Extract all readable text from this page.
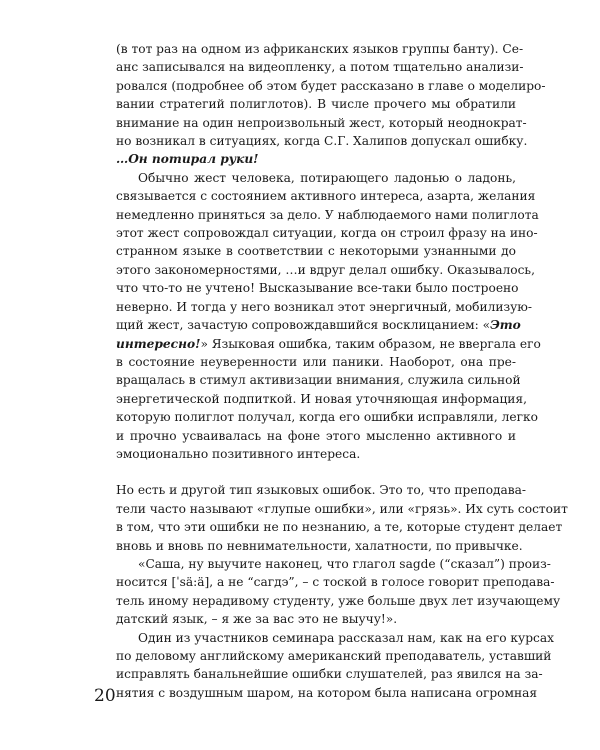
(в тот раз на одном из африканских языков группы банту). Се-
анс записывался на видеопленку, а потом тщательно анализи-
ровался (подробнее об этом будет рассказано в главе о моделиро-
вании стратегий полиглотов). В числе прочего мы обратили
внимание на один непроизвольный жест, который неоднократ-
но возникал в ситуациях, когда С.Г. Халипов допускал ошибку.
…Он потирал руки!
Обычно жест человека, потирающего ладонью о ладонь,
связывается с состоянием активного интереса, азарта, желания
немедленно приняться за дело. У наблюдаемого нами полиглота
этот жест сопровождал ситуации, когда он строил фразу на ино-
странном языке в соответствии с некоторыми узнанными до
этого закономерностями, …и вдруг делал ошибку. Оказывалось,
что что-то не учтено! Высказывание все-таки было построено
неверно. И тогда у него возникал этот энергичный, мобилизую-
щий жест, зачастую сопровождавшийся восклицанием: «Это
интересно!» Языковая ошибка, таким образом, не ввергала его
в состояние неуверенности или паники. Наоборот, она пре-
вращалась в стимул активизации внимания, служила сильной
энергетической подпиткой. И новая уточняющая информация,
которую полиглот получал, когда его ошибки исправляли, легко
и прочно усваивалась на фоне этого мысленно активного и
эмоционально позитивного интереса.
Но есть и другой тип языковых ошибок. Это то, что преподава-
тели часто называют «глупые ошибки», или «грязь». Их суть состоит
в том, что эти ошибки не по незнанию, а те, которые студент делает
вновь и вновь по невнимательности, халатности, по привычке.
«Саша, ну выучите наконец, что глагол sagde (“сказал”) произ-
носится [ˈsä:ä], а не “сагдэ”, – с тоской в голосе говорит преподава-
тель иному нерадивому студенту, уже больше двух лет изучающему
датский язык, – я же за вас это не выучу!».
Один из участников семинара рассказал нам, как на его курсах
по деловому английскому американский преподаватель, уставший
исправлять банальнейшие ошибки слушателей, раз явился на за-
нятия с воздушным шаром, на котором была написана огромная
20
